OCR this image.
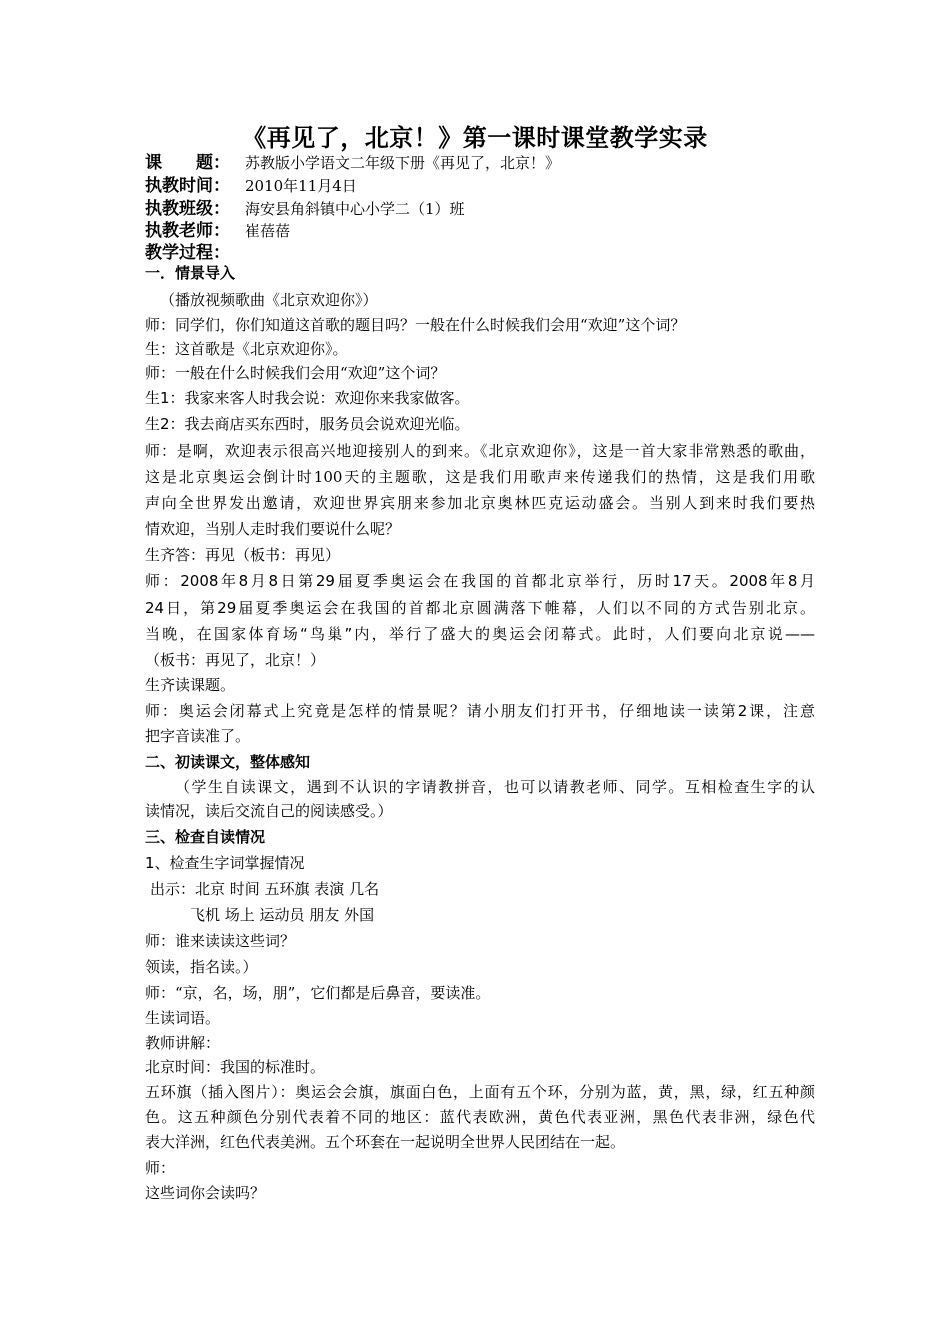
《再见了，北京！》第一课时课堂教学实录
课　　题： 苏教版小学语文二年级下册《再见了，北京！》
执教时间： 2010年11月4日
执教班级： 海安县角斜镇中心小学二（1）班
执教老师： 崔蓓蓓
教学过程：
一．情景导入
（播放视频歌曲《北京欢迎你》）
师：同学们，你们知道这首歌的题目吗？一般在什么时候我们会用“欢迎”这个词？
生：这首歌是《北京欢迎你》。
师：一般在什么时候我们会用“欢迎”这个词？
生1：我家来客人时我会说：欢迎你来我家做客。
生2：我去商店买东西时，服务员会说欢迎光临。
师：是啊，欢迎表示很高兴地迎接别人的到来。《北京欢迎你》，这是一首大家非常熟悉的歌曲，
这是北京奥运会倒计时100天的主题歌，这是我们用歌声来传递我们的热情，这是我们用歌
声向全世界发出邀请，欢迎世界宾朋来参加北京奥林匹克运动盛会。当别人到来时我们要热
情欢迎，当别人走时我们要说什么呢？
生齐答：再见（板书：再见）
师：2008年8月8日第29届夏季奥运会在我国的首都北京举行，历时17天。2008年8月
24日，第29届夏季奥运会在我国的首都北京圆满落下帷幕，人们以不同的方式告别北京。
当晚，在国家体育场“鸟巢”内，举行了盛大的奥运会闭幕式。此时，人们要向北京说——
（板书：再见了，北京！）
生齐读课题。
师：奥运会闭幕式上究竟是怎样的情景呢？请小朋友们打开书，仔细地读一读第2课，注意
把字音读准了。
二、初读课文，整体感知
（学生自读课文，遇到不认识的字请教拼音，也可以请教老师、同学。互相检查生字的认
读情况，读后交流自己的阅读感受。）
三、检查自读情况
1、检查生字词掌握情况
出示：北京 时间 五环旗 表演 几名
飞机 场上 运动员 朋友 外国
师：谁来读读这些词？
领读，指名读。）
师：“京，名，场，朋”，它们都是后鼻音，要读准。
生读词语。
教师讲解：
北京时间：我国的标准时。
五环旗（插入图片）：奥运会会旗，旗面白色，上面有五个环，分别为蓝，黄，黑，绿，红五种颜
色。这五种颜色分别代表着不同的地区：蓝代表欧洲，黄色代表亚洲，黑色代表非洲，绿色代
表大洋洲，红色代表美洲。五个环套在一起说明全世界人民团结在一起。
师：
这些词你会读吗？
